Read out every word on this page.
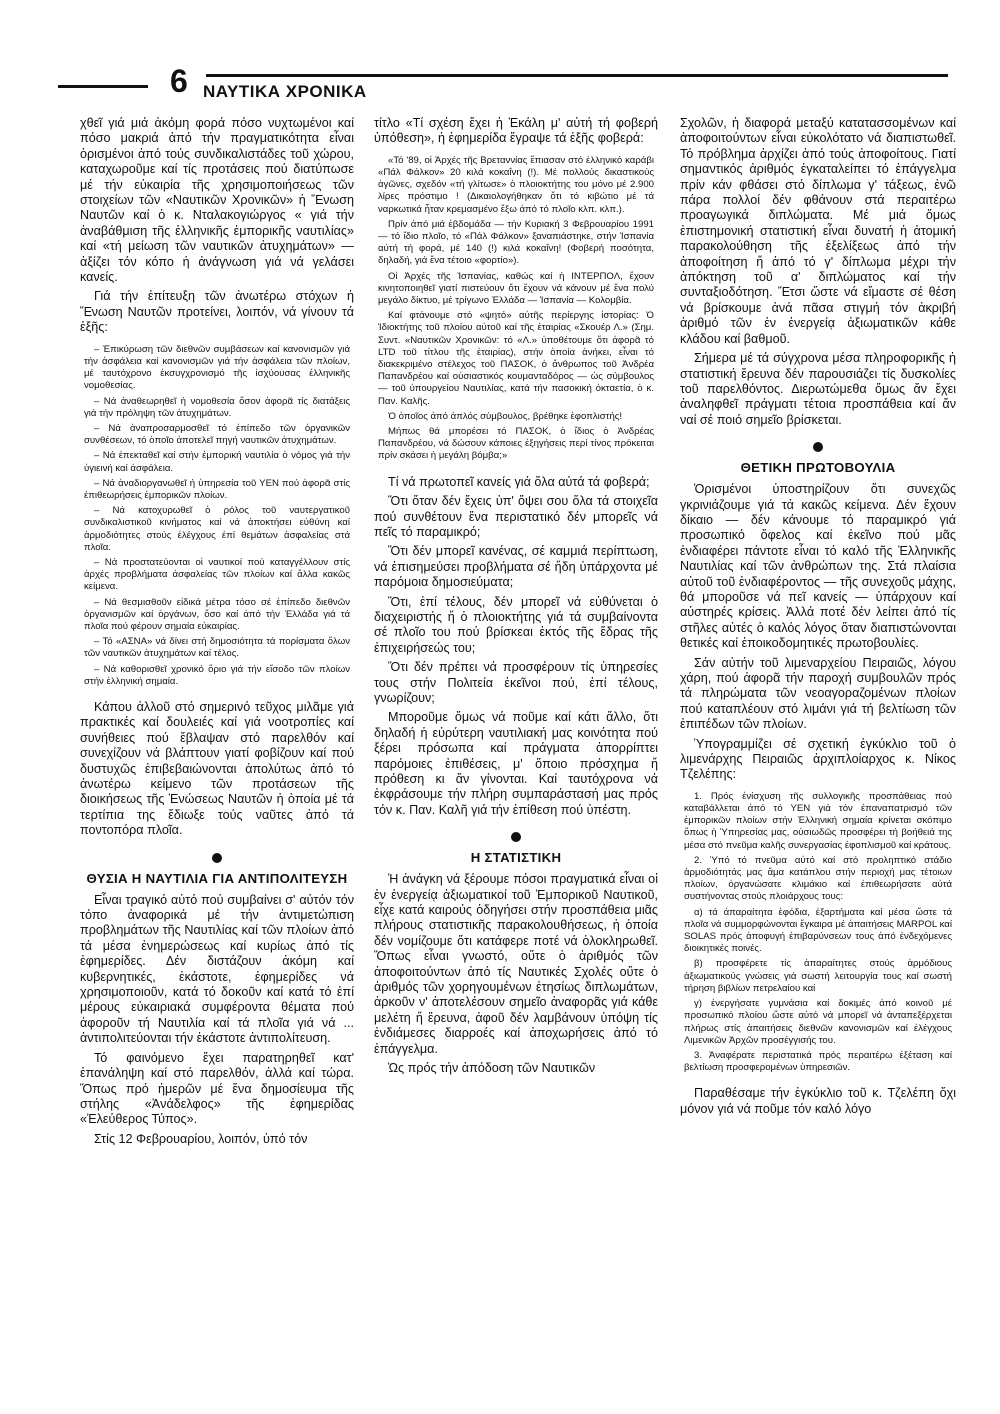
6 ΝΑΥΤΙΚΑ ΧΡΟΝΙΚΑ

χθεῖ γιά μιά ἀκόμη φορά πόσο νυχτωμένοι καί πόσο μακριά ἀπό τήν πραγματικότητα εἶναι ὁρισμένοι ἀπό τούς συνδικαλιστάδες τοῦ χώρου, καταχωροῦμε καί τίς προτάσεις πού διατύπωσε μέ τήν εὐκαιρία τῆς χρησιμοποιήσεως τῶν στοιχείων τῶν «Ναυτικῶν Χρονικῶν» ἡ Ἕνωση Ναυτῶν καί ὁ κ. Νταλακογιώργος « γιά τήν ἀναβάθμιση τῆς ἑλληνικῆς ἐμπορικῆς ναυτιλίας» καί «τή μείωση τῶν ναυτικῶν ἀτυχημάτων» — ἀξίζει τόν κόπο ἡ ἀνάγνωση γιά νά γελάσει κανείς.

Γιά τήν ἐπίτευξη τῶν ἀνωτέρω στόχων ἡ Ἕνωση Ναυτῶν προτείνει, λοιπόν, νά γίνουν τά ἑξῆς:

– Ἐπικύρωση τῶν διεθνῶν συμβάσεων καί κανονισμῶν γιά τήν ἀσφάλεια καί κανονισμῶν γιά τήν ἀσφάλεια τῶν πλοίων, μέ ταυτόχρονο ἐκσυγχρονισμό τῆς ἰσχύουσας ἑλληνικῆς νομοθεσίας.

– Νά ἀναθεωρηθεῖ ἡ νομοθεσία ὅσον ἀφορᾶ τίς διατάξεις γιά τήν πρόληψη τῶν ἀτυχημάτων.

– Νά ἀναπροσαρμοσθεῖ τό ἐπίπεδο τῶν ὀργανικῶν συνθέσεων, τό ὁποῖο ἀποτελεῖ πηγή ναυτικῶν ἀτυχημάτων.

– Νά ἐπεκταθεῖ καί στήν ἐμπορική ναυτιλία ὁ νόμος γιά τήν ὑγιεινή καί ἀσφάλεια.

– Νά ἀναδιοργανωθεῖ ἡ ὑπηρεσία τοῦ ΥΕΝ πού ἀφορᾶ στίς ἐπιθεωρήσεις ἐμπορικῶν πλοίων.

– Νά κατοχυρωθεῖ ὁ ρόλος τοῦ ναυτεργατικοῦ συνδικαλιστικοῦ κινήματος καί νά ἀποκτήσει εὐθύνη καί ἁρμοδιότητες στούς ἐλέγχους ἐπί θεμάτων ἀσφαλείας στά πλοῖα.

– Νά προστατεύονται οἱ ναυτικοί πού καταγγέλλουν στίς ἀρχές προβλήματα ἀσφαλείας τῶν πλοίων καί ἄλλα κακῶς κείμενα.

– Νά θεσμισθοῦν εἰδικά μέτρα τόσο σέ ἐπίπεδο διεθνῶν ὀργανισμῶν καί ὀργάνων, ὅσο καί ἀπό τήν Ἑλλάδα γιά τά πλοῖα πού φέρουν σημαία εὐκαιρίας.

– Τό «ΑΣΝΑ» νά δίνει στή δημοσιότητα τά πορίσματα ὅλων τῶν ναυτικῶν ἀτυχημάτων καί τέλος.

– Νά καθορισθεῖ χρονικό ὅριο γιά τήν εἴσοδο τῶν πλοίων στήν ἑλληνική σημαία.

Κάπου ἀλλοῦ στό σημερινό τεῦχος μιλᾶμε γιά πρακτικές καί δουλειές καί γιά νοοτροπίες καί συνήθειες πού ἔβλαψαν στό παρελθόν καί συνεχίζουν νά βλάπτουν γιατί φοβίζουν καί πού δυστυχῶς ἐπιβεβαιώνονται ἀπολύτως ἀπό τό ἀνωτέρω κείμενο τῶν προτάσεων τῆς διοικήσεως τῆς Ἑνώσεως Ναυτῶν ἡ ὁποία μέ τά τερτίπια της ἔδιωξε τούς ναῦτες ἀπό τά ποντοπόρα πλοῖα.

ΘΥΣΙΑ Η ΝΑΥΤΙΛΙΑ ΓΙΑ ΑΝΤΙΠΟΛΙΤΕΥΣΗ

Εἶναι τραγικό αὐτό πού συμβαίνει σ' αὐτόν τόν τόπο ἀναφορικά μέ τήν ἀντιμετώπιση προβλημάτων τῆς Ναυτιλίας καί τῶν πλοίων ἀπό τά μέσα ἐνημερώσεως καί κυρίως ἀπό τίς ἐφημερίδες. Δέν διστάζουν ἀκόμη καί κυβερνητικές, ἑκάστοτε, ἐφημερίδες νά χρησιμοποιοῦν, κατά τό δοκοῦν καί κατά τό ἐπί μέρους εὐκαιριακά συμφέροντα θέματα πού ἀφοροῦν τή Ναυτιλία καί τά πλοῖα γιά νά ... ἀντιπολιτεύονται τήν ἑκάστοτε ἀντιπολίτευση.

Τό φαινόμενο ἔχει παρατηρηθεῖ κατ' ἐπανάληψη καί στό παρελθόν, ἀλλά καί τώρα. Ὅπως πρό ἡμερῶν μέ ἕνα δημοσίευμα τῆς στήλης «Ἀνάδελφος» τῆς ἐφημερίδας «Ἐλεύθερος Τύπος».

Στίς 12 Φεβρουαρίου, λοιπόν, ὑπό τόν

τίτλο «Τί σχέση ἔχει ἡ Ἐκάλη μ' αὐτή τή φοβερή ὑπόθεση», ἡ ἐφημερίδα ἔγραψε τά ἑξῆς φοβερά:

«Τό '89, οἱ Ἀρχές τῆς Βρεταννίας ἔπιασαν στό ἑλληνικό καράβι «Πάλ Φάλκον» 20 κιλά κοκαΐνη (!). Μέ πολλούς δικαστικούς ἀγῶνες, σχεδόν «τή γλίτωσε» ὁ πλοιοκτήτης του μόνο μέ 2.900 λίρες πρόστιμο ! (Δικαιολογήθηκαν ὅτι τό κιβώτιο μέ τά ναρκωτικά ἦταν κρεμασμένο ἔξω ἀπό τό πλοῖο κλπ. κλπ.).

Πρίν ἀπό μιά ἑβδομάδα — τήν Κυριακή 3 Φεβρουαρίου 1991 — τό ἴδιο πλοῖο, τό «Πάλ Φάλκον» ξαναπιάστηκε, στήν Ἰσπανία αὐτή τή φορά, μέ 140 (!) κιλά κοκαΐνη! (Φοβερή ποσότητα, δηλαδή, γιά ἕνα τέτοιο «φορτίο»).

Οἱ Ἀρχές τῆς Ἰσπανίας, καθώς καί ἡ ΙΝΤΕΡΠΟΛ, ἔχουν κινητοποιηθεῖ γιατί πιστεύουν ὅτι ἔχουν νά κάνουν μέ ἕνα πολύ μεγάλο δίκτυο, μέ τρίγωνο Ἑλλάδα — Ἰσπανία — Κολομβία.

Καί φτάνουμε στό «ψητό» αὐτῆς περίεργης ἱστορίας: Ὁ Ἰδιοκτήτης τοῦ πλοίου αὐτοῦ καί τῆς ἑταιρίας «Σκουέρ Λ.» (Σημ. Συντ. «Ναυτικῶν Χρονικῶν: τό «Λ.» ὑποθέτουμε ὅτι ἀφορᾶ τό LTD τοῦ τίτλου τῆς ἑταιρίας), στήν ὁποία ἀνήκει, εἶναι τό διακεκριμένο στέλεχος τοῦ ΠΑΣΟΚ, ὁ ἄνθρωπος τοῦ Ἀνδρέα Παπανδρέου καί οὐσιαστικός κουμανταδόρος — ὡς σύμβουλος — τοῦ ὑπουργείου Ναυτιλίας, κατά τήν πασοκική ὀκταετία, ὁ κ. Παν. Καλῆς.

Ὁ ὁποῖος ἀπό ἁπλός σύμβουλος, βρέθηκε ἐφοπλιστής!

Μήπως θά μπορέσει τό ΠΑΣΟΚ, ὁ ἴδιος ὁ Ἀνδρέας Παπανδρέου, νά δώσουν κάποιες ἐξηγήσεις περί τίνος πρόκειται πρίν σκάσει ἡ μεγάλη βόμβα;»

Τί νά πρωτοπεῖ κανείς γιά ὅλα αὐτά τά φοβερά;

Ὅτι ὅταν δέν ἔχεις ὑπ' ὄψει σου ὅλα τά στοιχεῖα πού συνθέτουν ἕνα περιστατικό δέν μπορεῖς νά πεῖς τό παραμικρό;

Ὅτι δέν μπορεῖ κανένας, σέ καμμιά περίπτωση, νά ἐπισημεύσει προβλήματα σέ ἤδη ὑπάρχοντα μέ παρόμοια δημοσιεύματα;

Ὅτι, ἐπί τέλους, δέν μπορεῖ νά εὐθύνεται ὁ διαχειριστής ἤ ὁ πλοιοκτήτης γιά τά συμβαίνοντα σέ πλοῖο του πού βρίσκεαι ἐκτός τῆς ἕδρας τῆς ἐπιχειρήσεώς του;

Ὅτι δέν πρέπει νά προσφέρουν τίς ὑπηρεσίες τους στήν Πολιτεία ἐκεῖνοι πού, ἐπί τέλους, γνωρίζουν;

Μποροῦμε ὅμως νά ποῦμε καί κάτι ἄλλο, ὅτι δηλαδή ἡ εὐρύτερη ναυτιλιακή μας κοινότητα πού ξέρει πρόσωπα καί πράγματα ἀπορρίπτει παρόμοιες ἐπιθέσεις, μ' ὅποιο πρόσχημα ἤ πρόθεση κι ἄν γίνονται. Καί ταυτόχρονα νά ἐκφράσουμε τήν πλήρη συμπαράστασή μας πρός τόν κ. Παν. Καλῆ γιά τήν ἐπίθεση πού ὑπέστη.

Η ΣΤΑΤΙΣΤΙΚΗ

Ἡ ἀνάγκη νά ξέρουμε πόσοι πραγματικά εἶναι οἱ ἐν ἐνεργείᾳ ἀξιωματικοί τοῦ Ἐμπορικοῦ Ναυτικοῦ, εἶχε κατά καιρούς ὁδηγήσει στήν προσπάθεια μιᾶς πλήρους στατιστικῆς παρακολουθήσεως, ἡ ὁποία δέν νομίζουμε ὅτι κατάφερε ποτέ νά ὁλοκληρωθεῖ. Ὅπως εἶναι γνωστό, οὔτε ὁ ἀριθμός τῶν ἀποφοιτούντων ἀπό τίς Ναυτικές Σχολές οὔτε ὁ ἀριθμός τῶν χορηγουμένων ἐτησίως διπλωμάτων, ἀρκοῦν ν' ἀποτελέσουν σημεῖο ἀναφορᾶς γιά κάθε μελέτη ἤ ἔρευνα, ἀφοῦ δέν λαμβάνουν ὑπόψη τίς ἐνδιάμεσες διαρροές καί ἀποχωρήσεις ἀπό τό ἐπάγγελμα.

Ὡς πρός τήν ἀπόδοση τῶν Ναυτικῶν

Σχολῶν, ἡ διαφορά μεταξύ κατατασσομένων καί ἀποφοιτούντων εἶναι εὐκολότατο νά διαπιστωθεῖ. Τό πρόβλημα ἀρχίζει ἀπό τούς ἀποφοίτους. Γιατί σημαντικός ἀριθμός ἐγκαταλείπει τό ἐπάγγελμα πρίν κάν φθάσει στό δίπλωμα γ' τάξεως, ἐνῶ πάρα πολλοί δέν φθάνουν στά περαιτέρω προαγωγικά διπλώματα. Μέ μιά ὅμως ἐπιστημονική στατιστική εἶναι δυνατή ἡ ἀτομική παρακολούθηση τῆς ἐξελίξεως ἀπό τήν ἀποφοίτηση ἤ ἀπό τό γ' δίπλωμα μέχρι τήν ἀπόκτηση τοῦ α' διπλώματος καί τήν συνταξιοδότηση. Ἔτσι ὥστε νά εἴμαστε σέ θέση νά βρίσκουμε ἀνά πᾶσα στιγμή τόν ἀκριβή ἀριθμό τῶν ἐν ἐνεργείᾳ ἀξιωματικῶν κάθε κλάδου καί βαθμοῦ.

Σήμερα μέ τά σύγχρονα μέσα πληροφορικῆς ἡ στατιστική ἔρευνα δέν παρουσιάζει τίς δυσκολίες τοῦ παρελθόντος. Διερωτώμεθα ὅμως ἄν ἔχει ἀναληφθεῖ πράγματι τέτοια προσπάθεια καί ἄν ναί σέ ποιό σημεῖο βρίσκεται.

ΘΕΤΙΚΗ ΠΡΩΤΟΒΟΥΛΙΑ

Ὁρισμένοι ὑποστηρίζουν ὅτι συνεχῶς γκρινιάζουμε γιά τά κακῶς κείμενα. Δέν ἔχουν δίκαιο — δέν κάνουμε τό παραμικρό γιά προσωπικό ὄφελος καί ἐκεῖνο πού μᾶς ἐνδιαφέρει πάντοτε εἶναι τό καλό τῆς Ἑλληνικῆς Ναυτιλίας καί τῶν ἀνθρώπων της. Στά πλαίσια αὐτοῦ τοῦ ἐνδιαφέροντος — τῆς συνεχοῦς μάχης, θά μποροῦσε νά πεῖ κανείς — ὑπάρχουν καί αὐστηρές κρίσεις. Ἀλλά ποτέ δέν λείπει ἀπό τίς στῆλες αὐτές ὁ καλός λόγος ὅταν διαπιστώνονται θετικές καί ἐποικοδομητικές πρωτοβουλίες.

Σάν αὐτήν τοῦ λιμεναρχείου Πειραιῶς, λόγου χάρη, πού ἀφορᾶ τήν παροχή συμβουλῶν πρός τά πληρώματα τῶν νεοαγοραζομένων πλοίων πού καταπλέουν στό λιμάνι γιά τή βελτίωση τῶν ἐπιπέδων τῶν πλοίων.

Ὑπογραμμίζει σέ σχετική ἐγκύκλιο τοῦ ὁ λιμενάρχης Πειραιῶς ἀρχιπλοίαρχος κ. Νίκος Τζελέπης:

1. Πρός ἐνίσχυση τῆς συλλογικῆς προσπάθειας πού καταβάλλεται ἀπό τό ΥΕΝ γιά τόν ἐπαναπατρισμό τῶν ἐμπορικῶν πλοίων στήν Ἑλληνική σημαία κρίνεται σκόπιμο ὅπως ἡ Ὑπηρεσίας μας, οὐσιωδῶς προσφέρει τή βοήθειά της μέσα στό πνεῦμα καλῆς συνεργασίας ἐφοπλισμοῦ καί κράτους.

2. Ὑπό τό πνεῦμα αὐτό καί στό προληπτικό στάδιο ἁρμοδιότητάς μας ἅμα κατάπλου στήν περιοχή μας τέτοιων πλοίων, ὀργανώσατε κλιμάκιο καί ἐπιθεωρήσατε αὐτά συστήνοντας στούς πλοιάρχους τους:

α) τά ἀπαραίτητα ἐφόδια, ἐξαρτήματα καί μέσα ὥστε τά πλοῖα νά συμμορφώνονται ἔγκαιρα μέ ἀπαιτήσεις MARPOL καί SOLAS πρός ἀποφυγή ἐπιβαρύνσεων τους ἀπό ἐνδεχόμενες διοικητικές ποινές.

β) προσφέρετε τίς ἀπαραίτητες στούς ἁρμόδιους ἀξιωματικούς γνώσεις γιά σωστή λειτουργία τους καί σωστή τήρηση βιβλίων πετρελαίου καί

γ) ἐνεργήσατε γυμνάσια καί δοκιμές ἀπό κοινοῦ μέ προσωπικό πλοίου ὥστε αὐτό νά μπορεῖ νά ἀνταπεξέρχεται πλήρως στίς ἀπαιτήσεις διεθνῶν κανονισμῶν καί ἐλέγχους Λιμενικῶν Ἀρχῶν προσέγγισής του.

3. Ἀναφέρατε περιστατικά πρός περαιτέρω ἐξέταση καί βελτίωση προσφερομένων ὑπηρεσιῶν.

Παραθέσαμε τήν ἐγκύκλιο τοῦ κ. Τζελέπη ὄχι μόνον γιά νά ποῦμε τόν καλό λόγο
